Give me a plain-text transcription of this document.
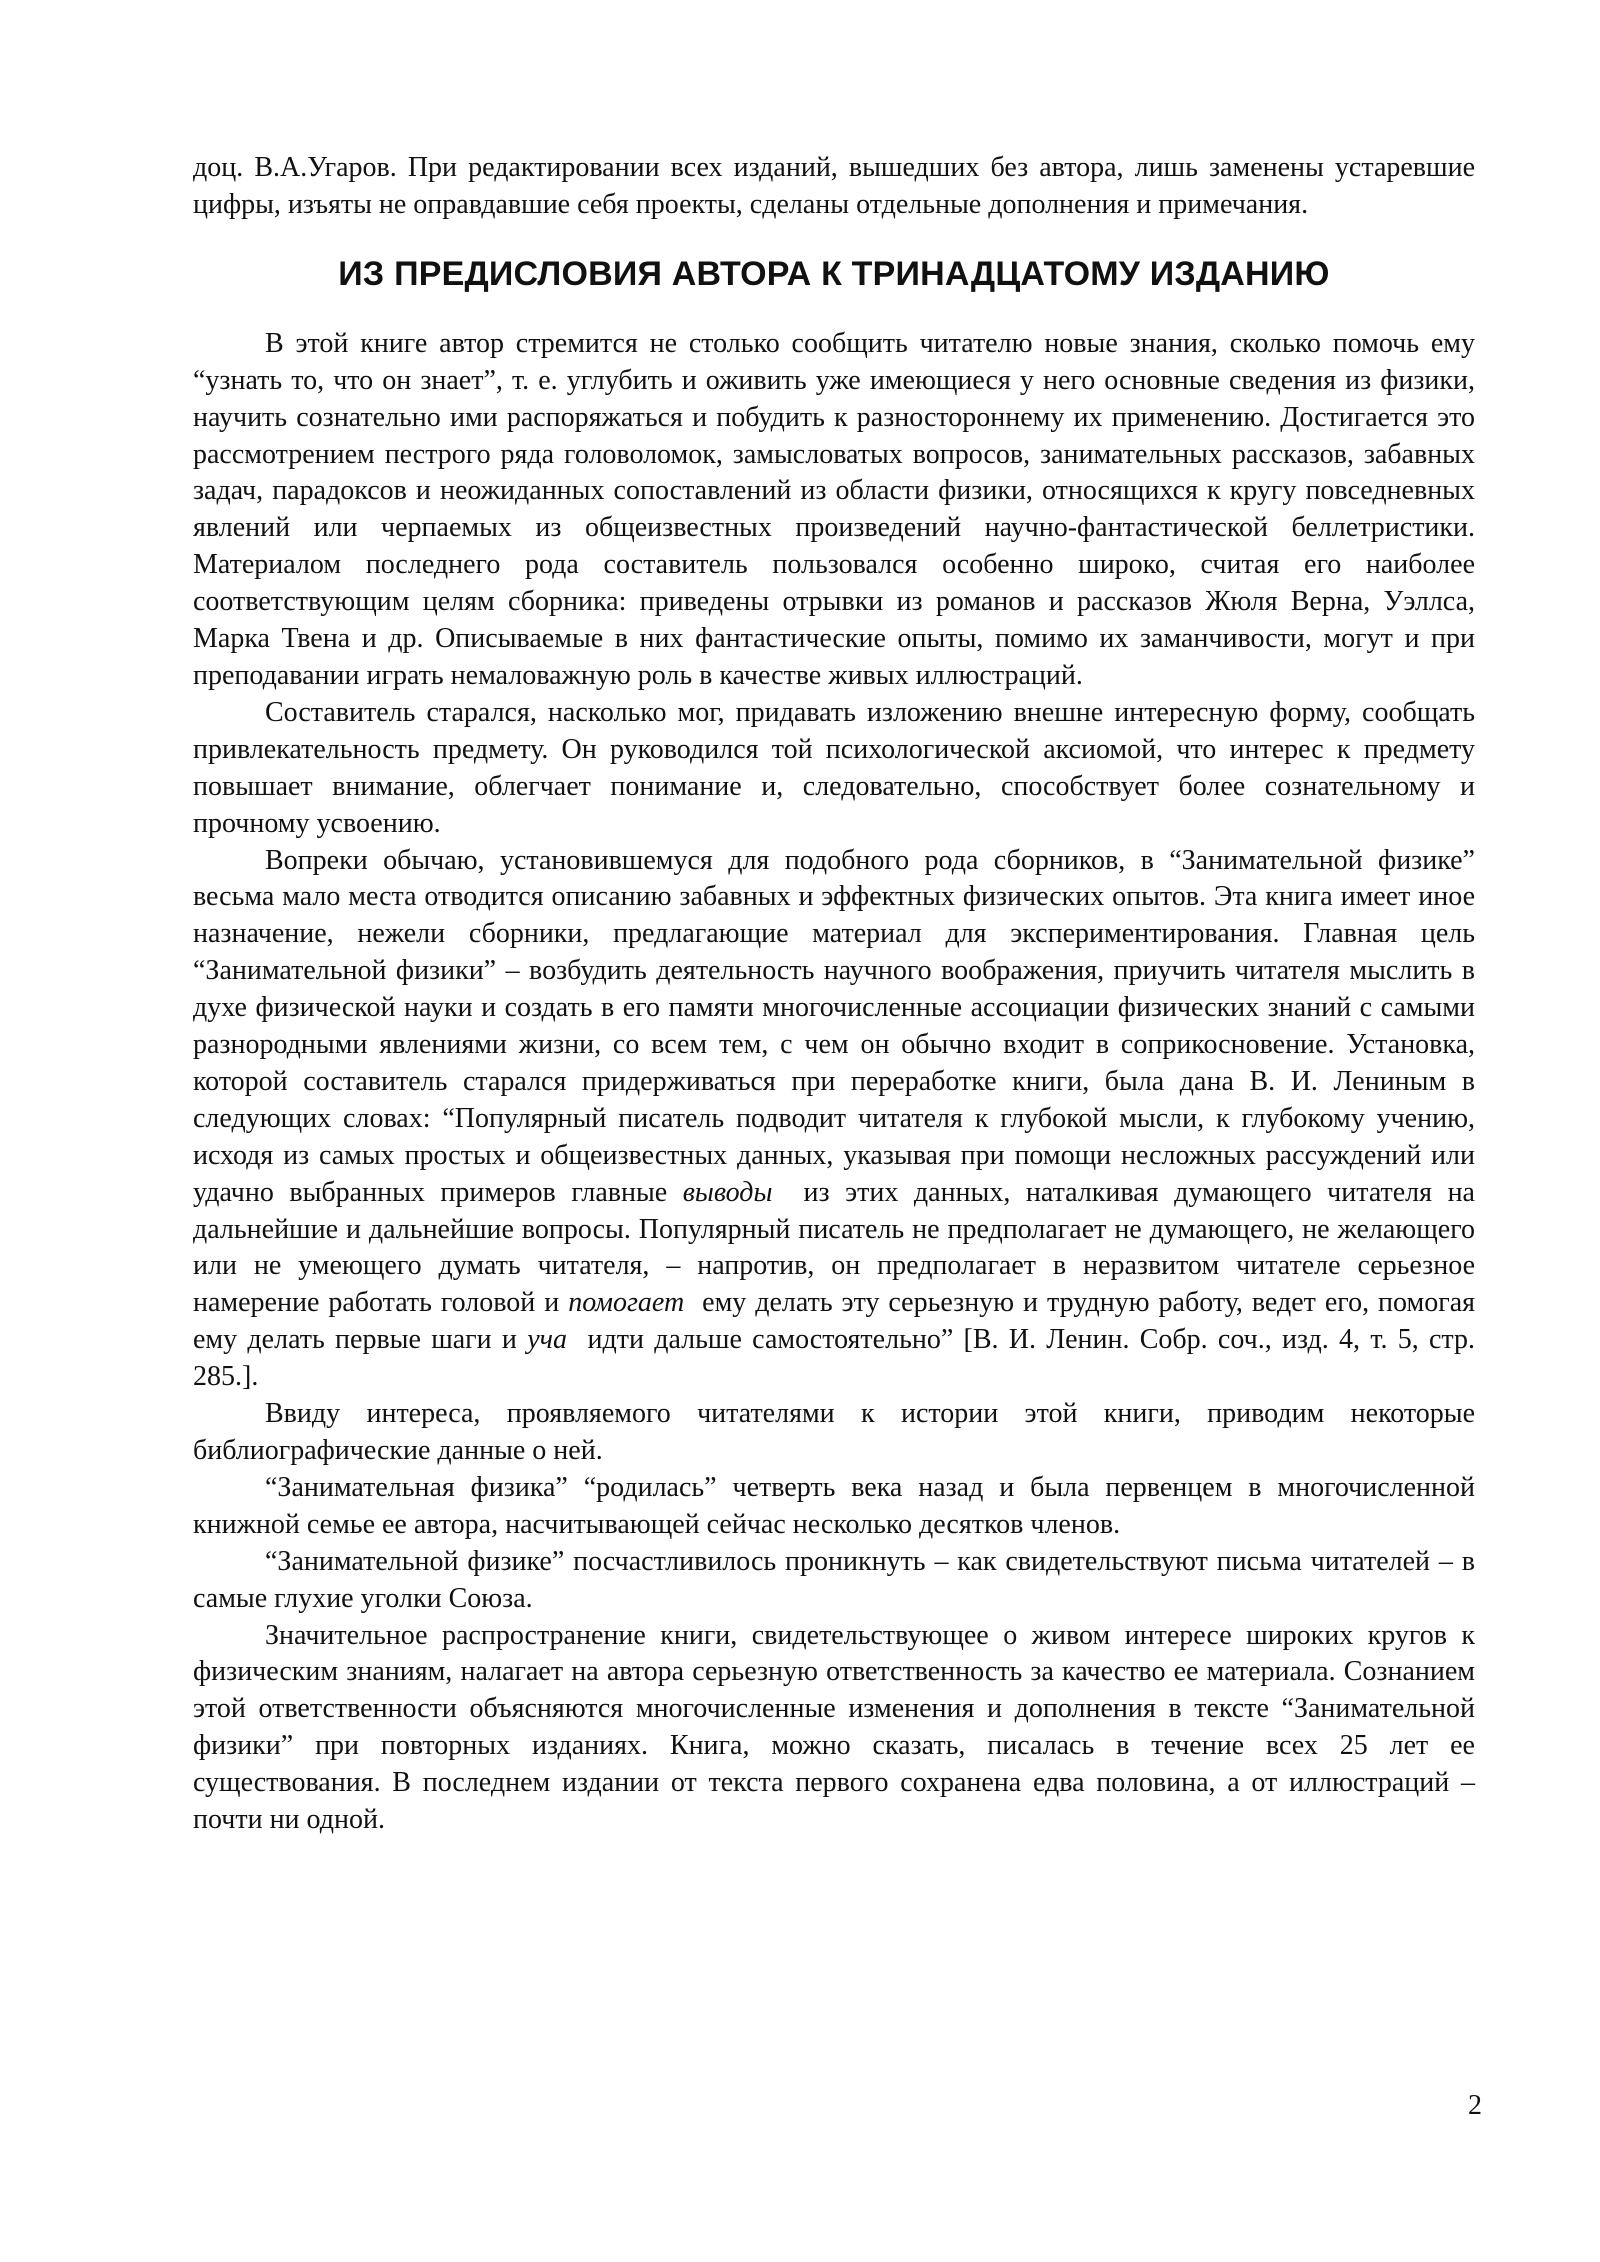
доц. В.А.Угаров. При редактировании всех изданий, вышедших без автора, лишь заменены устаревшие цифры, изъяты не оправдавшие себя проекты, сделаны отдельные дополнения и примечания.

ИЗ ПРЕДИСЛОВИЯ АВТОРА К ТРИНАДЦАТОМУ ИЗДАНИЮ

В этой книге автор стремится не столько сообщить читателю новые знания, сколько помочь ему “узнать то, что он знает”, т. е. углубить и оживить уже имеющиеся у него основные сведения из физики, научить сознательно ими распоряжаться и побудить к разностороннему их применению. Достигается это рассмотрением пестрого ряда головоломок, замысловатых вопросов, занимательных рассказов, забавных задач, парадоксов и неожиданных сопоставлений из области физики, относящихся к кругу повседневных явлений или черпаемых из общеизвестных произведений научно-фантастической беллетристики. Материалом последнего рода составитель пользовался особенно широко, считая его наиболее соответствующим целям сборника: приведены отрывки из романов и рассказов Жюля Верна, Уэллса, Марка Твена и др. Описываемые в них фантастические опыты, помимо их заманчивости, могут и при преподавании играть немаловажную роль в качестве живых иллюстраций.

Составитель старался, насколько мог, придавать изложению внешне интересную форму, сообщать привлекательность предмету. Он руководился той психологической аксиомой, что интерес к предмету повышает внимание, облегчает понимание и, следовательно, способствует более сознательному и прочному усвоению.

Вопреки обычаю, установившемуся для подобного рода сборников, в “Занимательной физике” весьма мало места отводится описанию забавных и эффектных физических опытов. Эта книга имеет иное назначение, нежели сборники, предлагающие материал для экспериментирования. Главная цель “Занимательной физики” – возбудить деятельность научного воображения, приучить читателя мыслить в духе физической науки и создать в его памяти многочисленные ассоциации физических знаний с самыми разнородными явлениями жизни, со всем тем, с чем он обычно входит в соприкосновение. Установка, которой составитель старался придерживаться при переработке книги, была дана В. И. Лениным в следующих словах: “Популярный писатель подводит читателя к глубокой мысли, к глубокому учению, исходя из самых простых и общеизвестных данных, указывая при помощи несложных рассуждений или удачно выбранных примеров главные выводы  из этих данных, наталкивая думающего читателя на дальнейшие и дальнейшие вопросы. Популярный писатель не предполагает не думающего, не желающего или не умеющего думать читателя, – напротив, он предполагает в неразвитом читателе серьезное намерение работать головой и помогает  ему делать эту серьезную и трудную работу, ведет его, помогая ему делать первые шаги и уча  идти дальше самостоятельно” [В. И. Ленин. Собр. соч., изд. 4, т. 5, стр. 285.].

Ввиду интереса, проявляемого читателями к истории этой книги, приводим некоторые библиографические данные о ней.

“Занимательная физика” “родилась” четверть века назад и была первенцем в многочисленной книжной семье ее автора, насчитывающей сейчас несколько десятков членов.

“Занимательной физике” посчастливилось проникнуть – как свидетельствуют письма читателей – в самые глухие уголки Союза.

Значительное распространение книги, свидетельствующее о живом интересе широких кругов к физическим знаниям, налагает на автора серьезную ответственность за качество ее материала. Сознанием этой ответственности объясняются многочисленные изменения и дополнения в тексте “Занимательной физики” при повторных изданиях. Книга, можно сказать, писалась в течение всех 25 лет ее существования. В последнем издании от текста первого сохранена едва половина, а от иллюстраций – почти ни одной.

2
